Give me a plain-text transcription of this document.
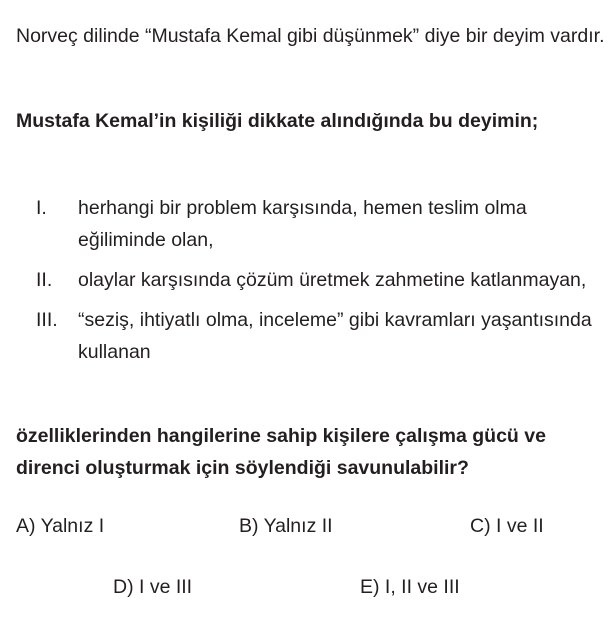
Norveç dilinde “Mustafa Kemal gibi düşünmek” diye bir deyim vardır.

Mustafa Kemal’in kişiliği dikkate alındığında bu deyimin;

I. herhangi bir problem karşısında, hemen teslim olma eğiliminde olan,
II. olaylar karşısında çözüm üretmek zahmetine katlanmayan,
III. “seziş, ihtiyatlı olma, inceleme” gibi kavramları yaşantısında kullanan

özelliklerinden hangilerine sahip kişilere çalışma gücü ve direnci oluşturmak için söylendiği savunulabilir?

A) Yalnız I	B) Yalnız II	C) I ve II
D) I ve III	E) I, II ve III
